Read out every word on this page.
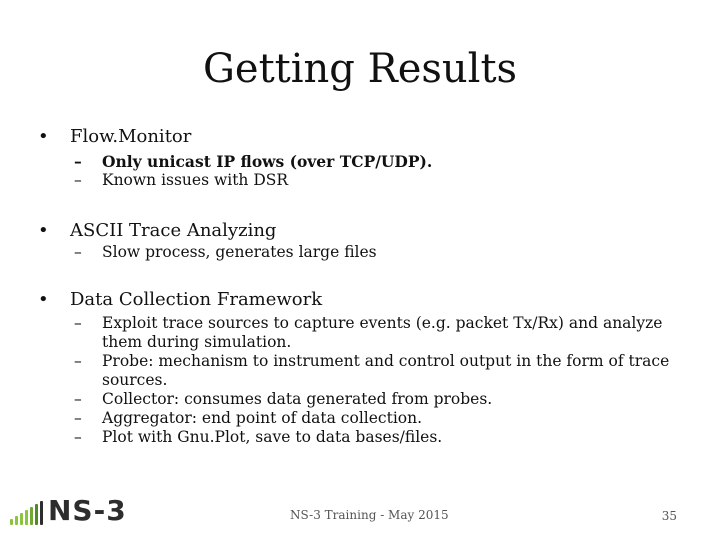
Getting Results
• Flow.Monitor
– Only unicast IP flows (over TCP/UDP).
– Known issues with DSR
• ASCII Trace Analyzing
– Slow process, generates large files
• Data Collection Framework
– Exploit trace sources to capture events (e.g. packet Tx/Rx) and analyze them during simulation.
– Probe: mechanism to instrument and control output in the form of trace sources.
– Collector: consumes data generated from probes.
– Aggregator: end point of data collection.
– Plot with Gnu.Plot, save to data bases/files.
NS-3	NS-3 Training - May 2015	35
